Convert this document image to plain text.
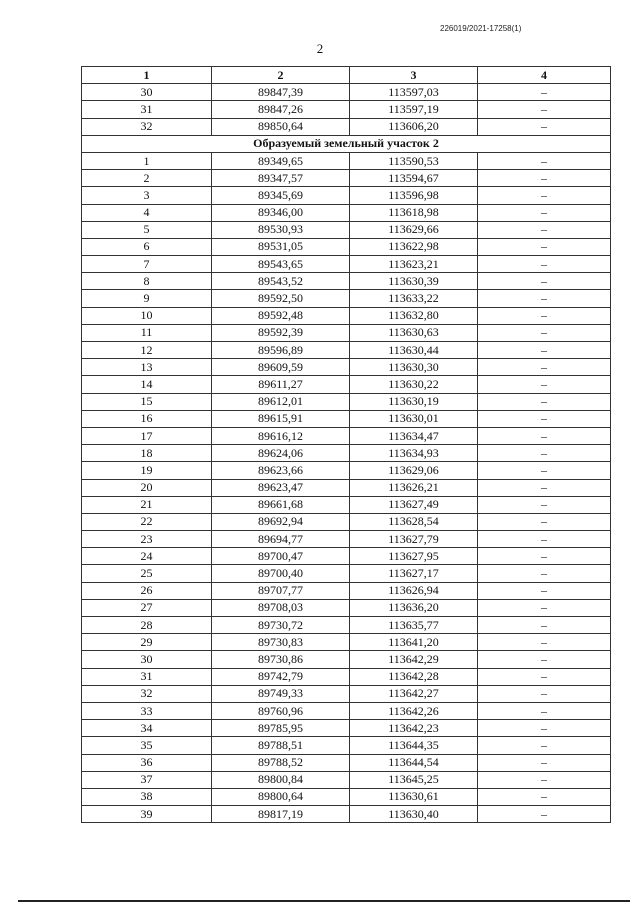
226019/2021-17258(1)
2
1	2	3	4
30	89847,39	113597,03	–
31	89847,26	113597,19	–
32	89850,64	113606,20	–
Образуемый земельный участок 2			
1	89349,65	113590,53	–
2	89347,57	113594,67	–
3	89345,69	113596,98	–
4	89346,00	113618,98	–
5	89530,93	113629,66	–
6	89531,05	113622,98	–
7	89543,65	113623,21	–
8	89543,52	113630,39	–
9	89592,50	113633,22	–
10	89592,48	113632,80	–
11	89592,39	113630,63	–
12	89596,89	113630,44	–
13	89609,59	113630,30	–
14	89611,27	113630,22	–
15	89612,01	113630,19	–
16	89615,91	113630,01	–
17	89616,12	113634,47	–
18	89624,06	113634,93	–
19	89623,66	113629,06	–
20	89623,47	113626,21	–
21	89661,68	113627,49	–
22	89692,94	113628,54	–
23	89694,77	113627,79	–
24	89700,47	113627,95	–
25	89700,40	113627,17	–
26	89707,77	113626,94	–
27	89708,03	113636,20	–
28	89730,72	113635,77	–
29	89730,83	113641,20	–
30	89730,86	113642,29	–
31	89742,79	113642,28	–
32	89749,33	113642,27	–
33	89760,96	113642,26	–
34	89785,95	113642,23	–
35	89788,51	113644,35	–
36	89788,52	113644,54	–
37	89800,84	113645,25	–
38	89800,64	113630,61	–
39	89817,19	113630,40	–
